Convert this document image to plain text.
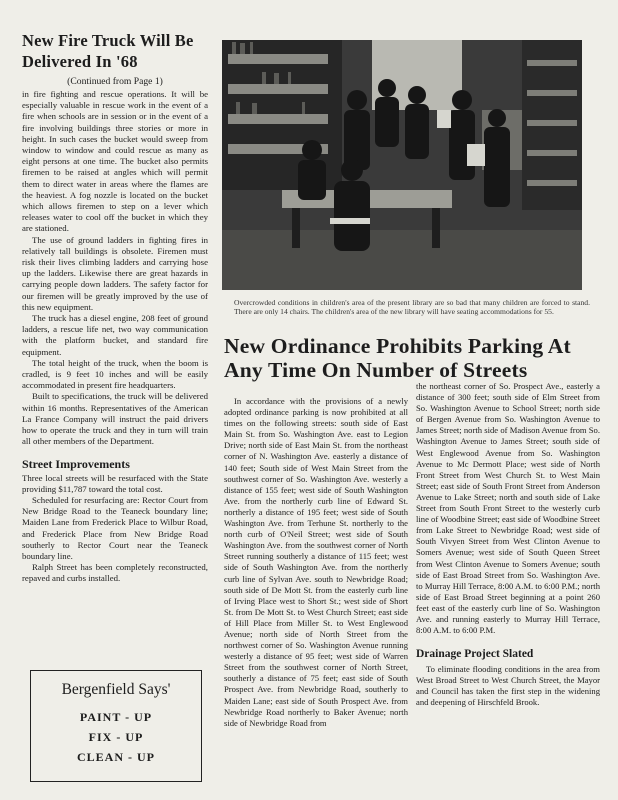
New Fire Truck Will Be Delivered In '68
(Continued from Page 1)

in fire fighting and rescue operations. It will be especially valuable in rescue work in the event of a fire when schools are in session or in the event of a fire involving buildings three stories or more in height. In such cases the bucket would sweep from window to window and could rescue as many as eight persons at one time. The bucket also permits firemen to be raised at angles which will permit them to direct water in areas where the flames are the heaviest. A fog nozzle is located on the bucket which allows firemen to step on a lever which releases water to cool off the bucket in which they are stationed.

The use of ground ladders in fighting fires in relatively tall buildings is obsolete. Firemen must risk their lives climbing ladders and carrying hose up the ladders. Likewise there are great hazards in carrying people down ladders. The safety factor for our firemen will be greatly improved by the use of this new equipment.

The truck has a diesel engine, 208 feet of ground ladders, a rescue life net, two way communication with the platform bucket, and standard fire equipment.

The total height of the truck, when the boom is cradled, is 9 feet 10 inches and will be easily accommodated in present fire headquarters.

Built to specifications, the truck will be delivered within 16 months. Representatives of the American La France Company will instruct the paid drivers how to operate the truck and they in turn will train all other members of the Department.

Street Improvements

Three local streets will be resurfaced with the State providing $11,787 toward the total cost.

Scheduled for resurfacing are: Rector Court from New Bridge Road to the Teaneck boundary line; Maiden Lane from Frederick Place to Wilbur Road, and Frederick Place from New Bridge Road southerly to Rector Court near the Teaneck boundary line.

Ralph Street has been completely reconstructed, repaved and curbs installed.

Bergenfield Says'
PAINT - UP
FIX - UP
CLEAN - UP
Overcrowded conditions in children's area of the present library are so bad that many children are forced to stand. There are only 14 chairs. The children's area of the new library will have seating accommodations for 55.
New Ordinance Prohibits Parking At Any Time On Number of Streets

In accordance with the provisions of a newly adopted ordinance parking is now prohibited at all times on the following streets: south side of East Main St. from So. Washington Ave. east to Legion Drive; north side of East Main St. from the northeast corner of N. Washington Ave. easterly a distance of 140 feet; South side of West Main Street from the southwest corner of So. Washington Ave. westerly a distance of 155 feet; west side of South Washington Ave. from the northerly curb line of Edward St. northerly a distance of 195 feet; west side of South Washington Ave. from Terhune St. northerly to the north curb of O'Neil Street; west side of South Washington Ave. from the southwest corner of North Street running southerly a distance of 115 feet; west side of South Washington Ave. from the northerly curb line of Sylvan Ave. south to Newbridge Road; south side of De Mott St. from the easterly curb line of Irving Place west to Short St.; west side of Short St. from De Mott St. to West Church Street; east side of Hill Place from Miller St. to West Englewood Avenue; north side of North Street from the northwest corner of So. Washington Avenue running westerly a distance of 95 feet; west side of Warren Street from the southwest corner of North Street, southerly a distance of 75 feet; east side of South Prospect Ave. from Newbridge Road, southerly to Maiden Lane; east side of South Prospect Ave. from Newbridge Road northerly to Baker Avenue; north side of Newbridge Road from

the northeast corner of So. Prospect Ave., easterly a distance of 300 feet; south side of Elm Street from So. Washington Avenue to School Street; north side of Bergen Avenue from So. Washington Avenue to James Street; north side of Madison Avenue from So. Washington Avenue to James Street; south side of West Englewood Avenue from So. Washington Avenue to Mc Dermott Place; west side of North Front Street from West Church St. to West Main Street; east side of South Front Street from Anderson Avenue to Lake Street; north and south side of Lake Street from South Front Street to the westerly curb line of Woodbine Street; east side of Woodbine Street from Lake Street to Newbridge Road; west side of South Vivyen Street from West Clinton Avenue to Somers Avenue; west side of South Queen Street from West Clinton Avenue to Somers Avenue; south side of East Broad Street from So. Washington Ave. to Murray Hill Terrace, 8:00 A.M. to 6:00 P.M.; north side of East Broad Street beginning at a point 260 feet east of the easterly curb line of So. Washington Ave. and running easterly to Murray Hill Terrace, 8:00 A.M. to 6:00 P.M.

Drainage Project Slated

To eliminate flooding conditions in the area from West Broad Street to West Church Street, the Mayor and Council has taken the first step in the widening and deepening of Hirschfeld Brook.
